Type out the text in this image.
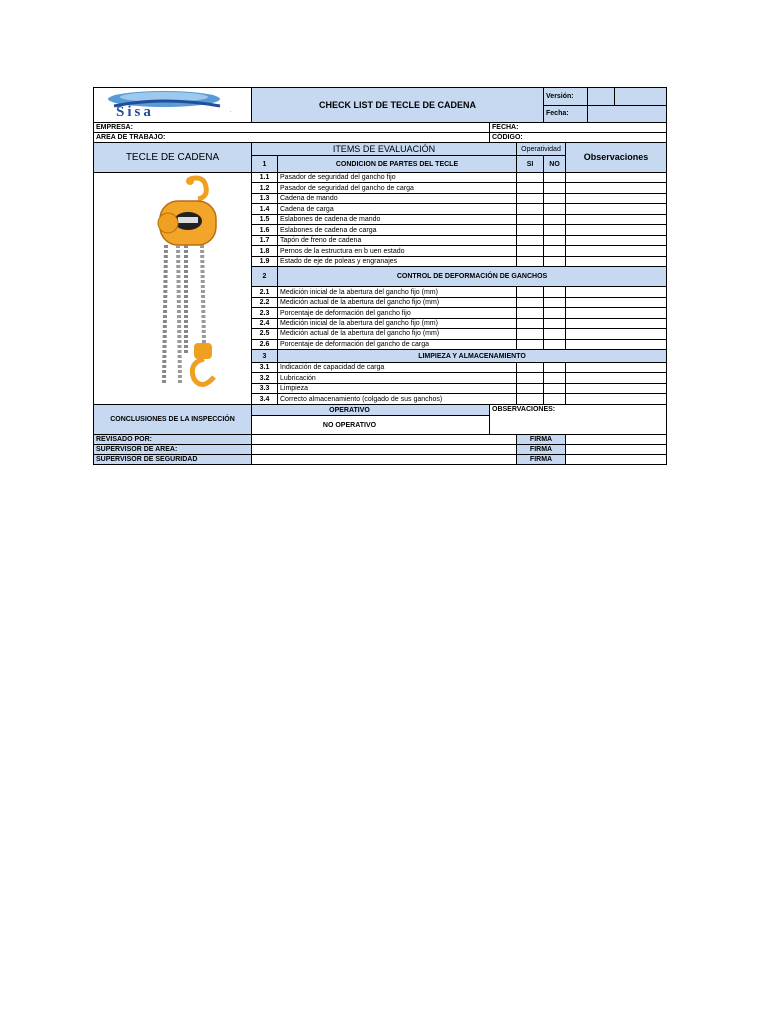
Sisa .	CHECK LIST DE TECLE DE CADENA				Versión:			
					Fecha:			
EMPRESA:			FECHA:					
AREA DE TRABAJO:			CÓDIGO:					
TECLE DE CADENA	ITEMS DE EVALUACIÓN			Operatividad		Observaciones		
	1	CONDICION DE PARTES DEL TECLE		SI	NO			
	1.1	Pasador de seguridad del gancho fijo						
	1.2	Pasador de seguridad del gancho de carga						
	1.3	Cadena de mando						
	1.4	Cadena de carga						
	1.5	Eslabones de cadena de mando						
	1.6	Eslabones de cadena de carga						
	1.7	Tapón de freno de cadena						
	1.8	Pernos de la estructura en b uen estado						
	1.9	Estado de eje de poleas y engranajes						
	2	CONTROL DE DEFORMACIÓN DE GANCHOS						
	2.1	Medición inicial de la abertura del gancho fijo (mm)						
	2.2	Medición actual de la abertura del gancho fijo (mm)						
	2.3	Porcentaje de deformación del gancho fijo						
	2.4	Medición inicial de la abertura del gancho fijo (mm)						
	2.5	Medición actual de la abertura del gancho fijo (mm)						
	2.6	Porcentaje de deformación del gancho de carga						
	3	LIMPIEZA Y ALMACENAMIENTO						
	3.1	Indicación de capacidad de carga						
	3.2	Lubricación						
	3.3	Limpieza						
	3.4	Correcto almacenamiento (colgado de sus ganchos)						
CONCLUSIONES DE LA INSPECCIÓN	OPERATIVO		OBSERVACIONES:					
	NO OPERATIVO							
REVISADO POR:				FIRMA				
SUPERVISOR DE AREA:				FIRMA				
SUPERVISOR DE SEGURIDAD				FIRMA				
